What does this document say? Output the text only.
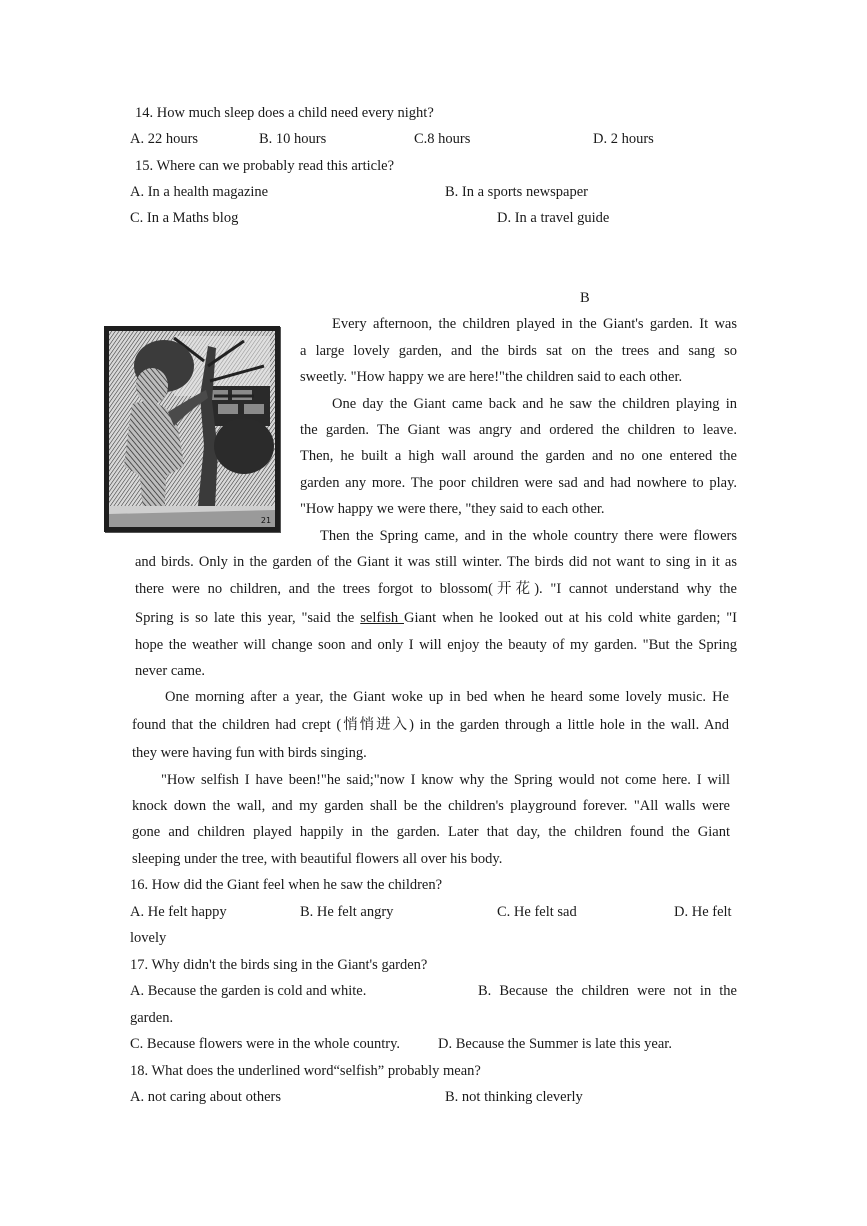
14. How much sleep does a child need every night?
A. 22 hours	B. 10 hours	C.8 hours	D. 2 hours
15. Where can we probably read this article?
A. In a health magazine	B. In a sports newspaper
C. In a Maths blog	D. In a travel guide
B
21
Every afternoon, the children played in the Giant's garden. It was
a large lovely garden, and the birds sat on the trees and sang so
sweetly. "How happy we are here!"the children said to each other.
One day the Giant came back and he saw the children playing in
the garden. The Giant was angry and ordered the children to leave.
Then, he built a high wall around the garden and no one entered the
garden any more. The poor children were sad and had nowhere to play.
"How happy we were there, "they said to each other.
Then the Spring came, and in the whole country there were flowers
and birds. Only in the garden of the Giant it was still winter. The birds did not want to sing in it as
there were no children, and the trees forgot to blossom(开花). "I cannot understand why the
Spring is so late this year, "said the selfish Giant when he looked out at his cold white garden; "I
hope the weather will change soon and only I will enjoy the beauty of my garden. "But the Spring
never came.
One morning after a year, the Giant woke up in bed when he heard some lovely music. He
found that the children had crept (悄悄进入) in the garden through a little hole in the wall. And
they were having fun with birds singing.
"How selfish I have been!"he said;"now I know why the Spring would not come here. I will
knock down the wall, and my garden shall be the children's playground forever. "All walls were
gone and children played happily in the garden. Later that day, the children found the Giant
sleeping under the tree, with beautiful flowers all over his body.
16. How did the Giant feel when he saw the children?
A. He felt happy	B. He felt angry	C. He felt sad	D. He felt
lovely
17. Why didn't the birds sing in the Giant's garden?
A. Because the garden is cold and white.	B. Because the children were not in the
garden.
C. Because flowers were in the whole country.	D. Because the Summer is late this year.
18. What does the underlined word“selfish” probably mean?
A. not caring about others	B. not thinking cleverly
